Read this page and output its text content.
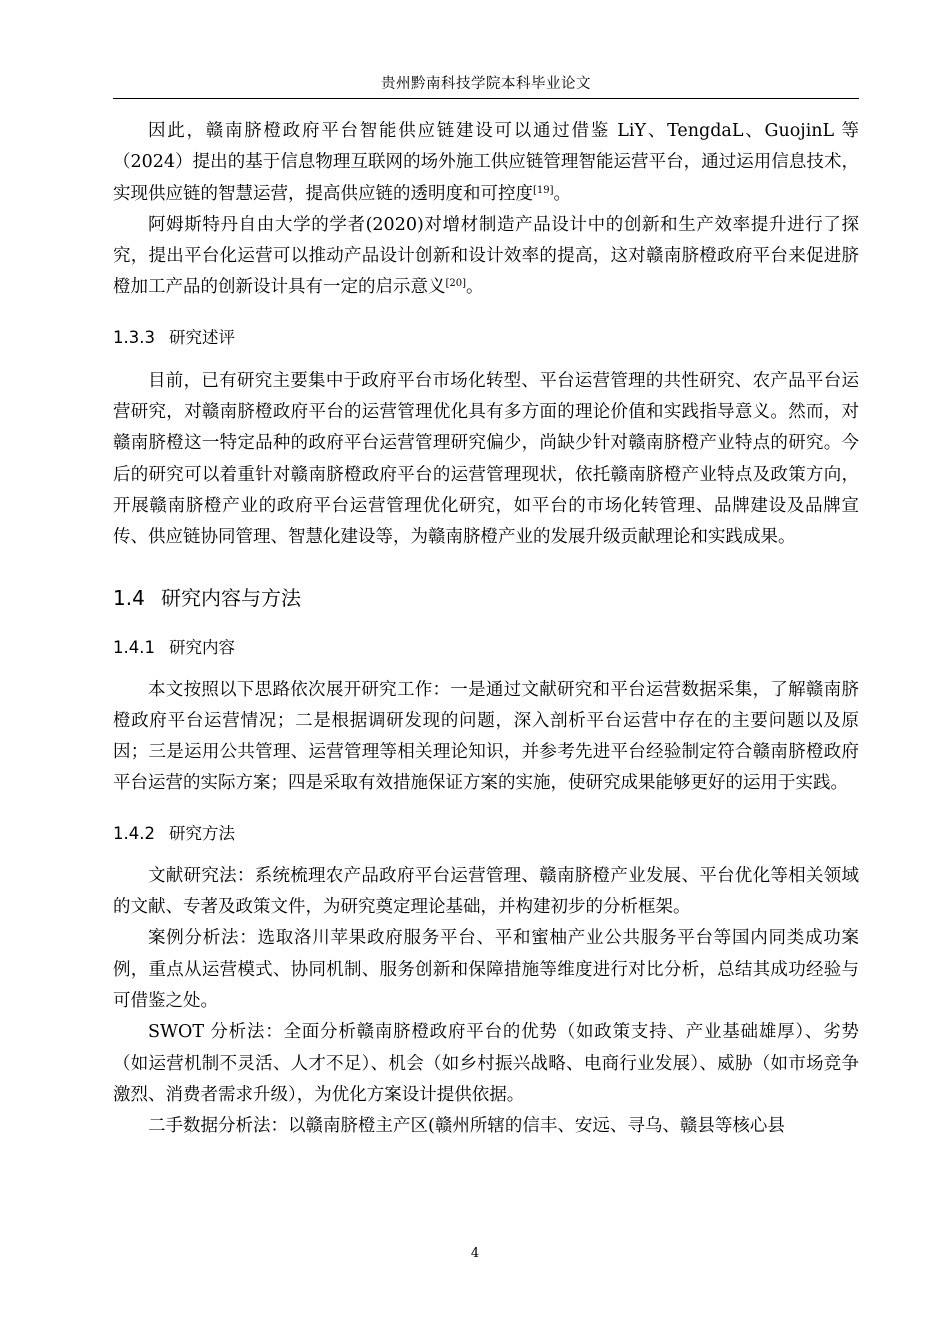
贵州黔南科技学院本科毕业论文

因此，赣南脐橙政府平台智能供应链建设可以通过借鉴 LiY、TengdaL、GuojinL 等（2024）提出的基于信息物理互联网的场外施工供应链管理智能运营平台，通过运用信息技术，实现供应链的智慧运营，提高供应链的透明度和可控度[19]。

阿姆斯特丹自由大学的学者(2020)对增材制造产品设计中的创新和生产效率提升进行了探究，提出平台化运营可以推动产品设计创新和设计效率的提高，这对赣南脐橙政府平台来促进脐橙加工产品的创新设计具有一定的启示意义[20]。

1.3.3 研究述评

目前，已有研究主要集中于政府平台市场化转型、平台运营管理的共性研究、农产品平台运营研究，对赣南脐橙政府平台的运营管理优化具有多方面的理论价值和实践指导意义。然而，对赣南脐橙这一特定品种的政府平台运营管理研究偏少，尚缺少针对赣南脐橙产业特点的研究。今后的研究可以着重针对赣南脐橙政府平台的运营管理现状，依托赣南脐橙产业特点及政策方向，开展赣南脐橙产业的政府平台运营管理优化研究，如平台的市场化转管理、品牌建设及品牌宣传、供应链协同管理、智慧化建设等，为赣南脐橙产业的发展升级贡献理论和实践成果。

1.4 研究内容与方法
1.4.1 研究内容

本文按照以下思路依次展开研究工作：一是通过文献研究和平台运营数据采集，了解赣南脐橙政府平台运营情况；二是根据调研发现的问题，深入剖析平台运营中存在的主要问题以及原因；三是运用公共管理、运营管理等相关理论知识，并参考先进平台经验制定符合赣南脐橙政府平台运营的实际方案；四是采取有效措施保证方案的实施，使研究成果能够更好的运用于实践。

1.4.2 研究方法

文献研究法：系统梳理农产品政府平台运营管理、赣南脐橙产业发展、平台优化等相关领域的文献、专著及政策文件，为研究奠定理论基础，并构建初步的分析框架。

案例分析法：选取洛川苹果政府服务平台、平和蜜柚产业公共服务平台等国内同类成功案例，重点从运营模式、协同机制、服务创新和保障措施等维度进行对比分析，总结其成功经验与可借鉴之处。

SWOT 分析法：全面分析赣南脐橙政府平台的优势（如政策支持、产业基础雄厚）、劣势（如运营机制不灵活、人才不足）、机会（如乡村振兴战略、电商行业发展）、威胁（如市场竞争激烈、消费者需求升级），为优化方案设计提供依据。

二手数据分析法：以赣南脐橙主产区(赣州所辖的信丰、安远、寻乌、赣县等核心县

4
